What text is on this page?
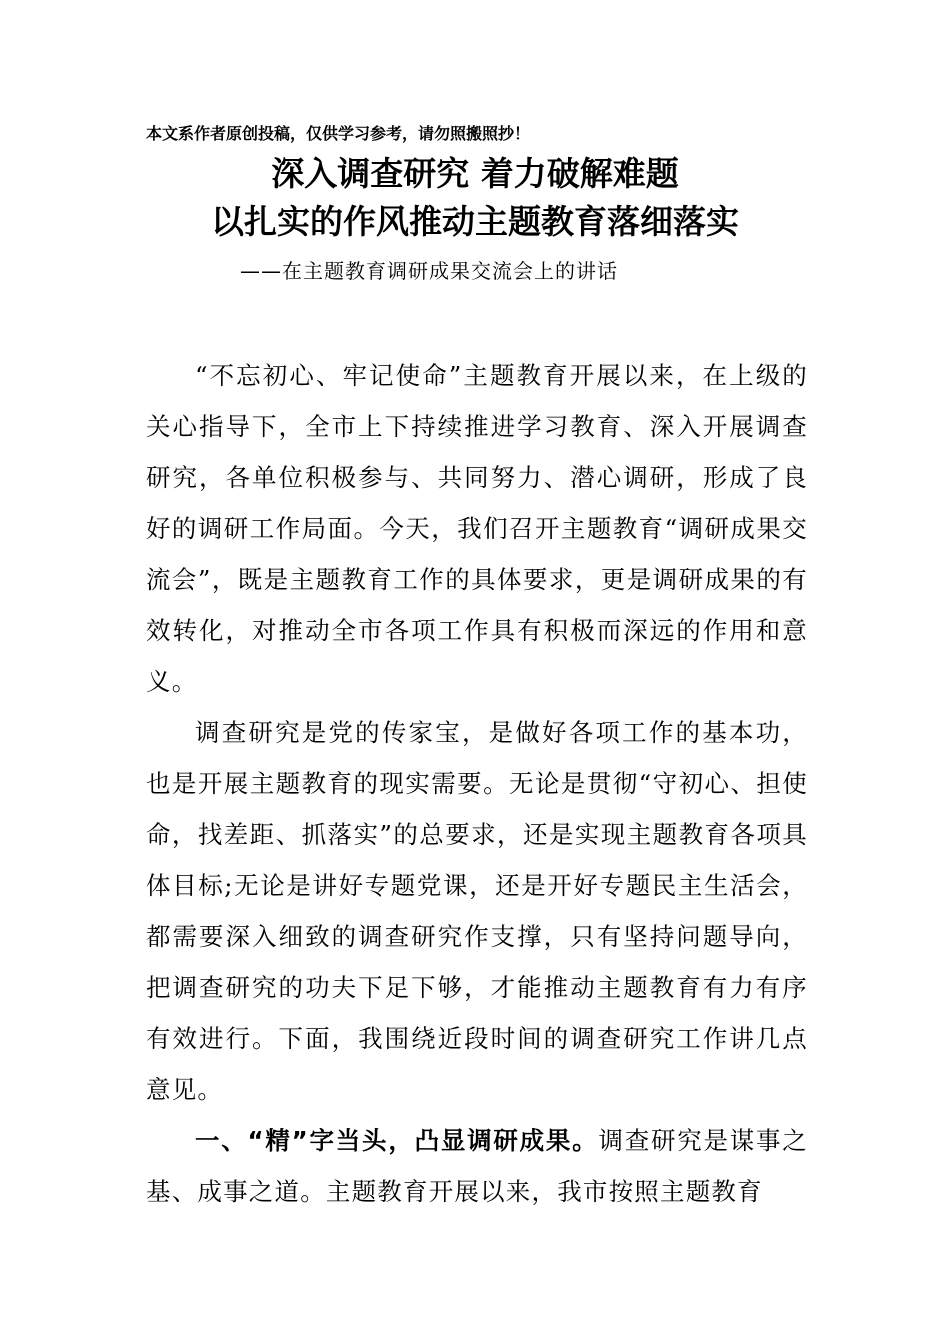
本文系作者原创投稿，仅供学习参考，请勿照搬照抄！
深入调查研究 着力破解难题
以扎实的作风推动主题教育落细落实
——在主题教育调研成果交流会上的讲话

“不忘初心、牢记使命”主题教育开展以来，在上级的关心指导下，全市上下持续推进学习教育、深入开展调查研究，各单位积极参与、共同努力、潜心调研，形成了良好的调研工作局面。今天，我们召开主题教育“调研成果交流会”，既是主题教育工作的具体要求，更是调研成果的有效转化，对推动全市各项工作具有积极而深远的作用和意义。

调查研究是党的传家宝，是做好各项工作的基本功，也是开展主题教育的现实需要。无论是贯彻“守初心、担使命，找差距、抓落实”的总要求，还是实现主题教育各项具体目标;无论是讲好专题党课，还是开好专题民主生活会，都需要深入细致的调查研究作支撑，只有坚持问题导向，把调查研究的功夫下足下够，才能推动主题教育有力有序有效进行。下面，我围绕近段时间的调查研究工作讲几点意见。

一、“精”字当头，凸显调研成果。调查研究是谋事之基、成事之道。主题教育开展以来，我市按照主题教育
